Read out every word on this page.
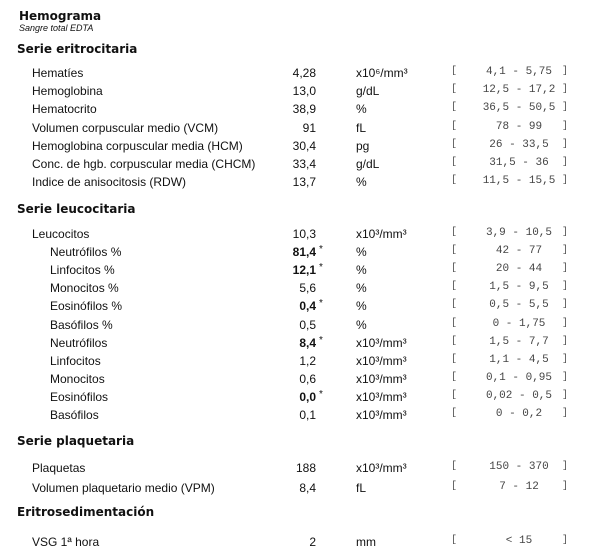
Hemograma
Sangre total EDTA
Serie eritrocitaria
Hematíes	4,28	x10⁶/mm³	[	4,1 - 5,75	]
Hemoglobina	13,0	g/dL	[	12,5 - 17,2 ]
Hematocrito	38,9	%	[	36,5 - 50,5 ]
Volumen corpuscular medio (VCM)	91	fL	[	78 - 99	]
Hemoglobina corpuscular media (HCM)	30,4	pg	[	26 - 33,5	]
Conc. de hgb. corpuscular media (CHCM)	33,4	g/dL	[	31,5 - 36	]
Indice de anisocitosis (RDW)	13,7	%	[	11,5 - 15,5 ]
Serie leucocitaria
Leucocitos	10,3	x10³/mm³	[	3,9 - 10,5	]
Neutrófilos %	81,4 *	%	[	42 - 77	]
Linfocitos %	12,1 *	%	[	20 - 44	]
Monocitos %	5,6	%	[	1,5 - 9,5	]
Eosinófilos %	0,4 *	%	[	0,5 - 5,5	]
Basófilos %	0,5	%	[	0 - 1,75	]
Neutrófilos	8,4 *	x10³/mm³	[	1,5 - 7,7	]
Linfocitos	1,2	x10³/mm³	[	1,1 - 4,5	]
Monocitos	0,6	x10³/mm³	[	0,1 - 0,95	]
Eosinófilos	0,0 *	x10³/mm³	[	0,02 - 0,5	]
Basófilos	0,1	x10³/mm³	[	0 - 0,2	]
Serie plaquetaria
Plaquetas	188	x10³/mm³	[	150 - 370	]
Volumen plaquetario medio (VPM)	8,4	fL	[	7 - 12	]
Eritrosedimentación
VSG 1ª hora	2	mm	[	< 15	]
